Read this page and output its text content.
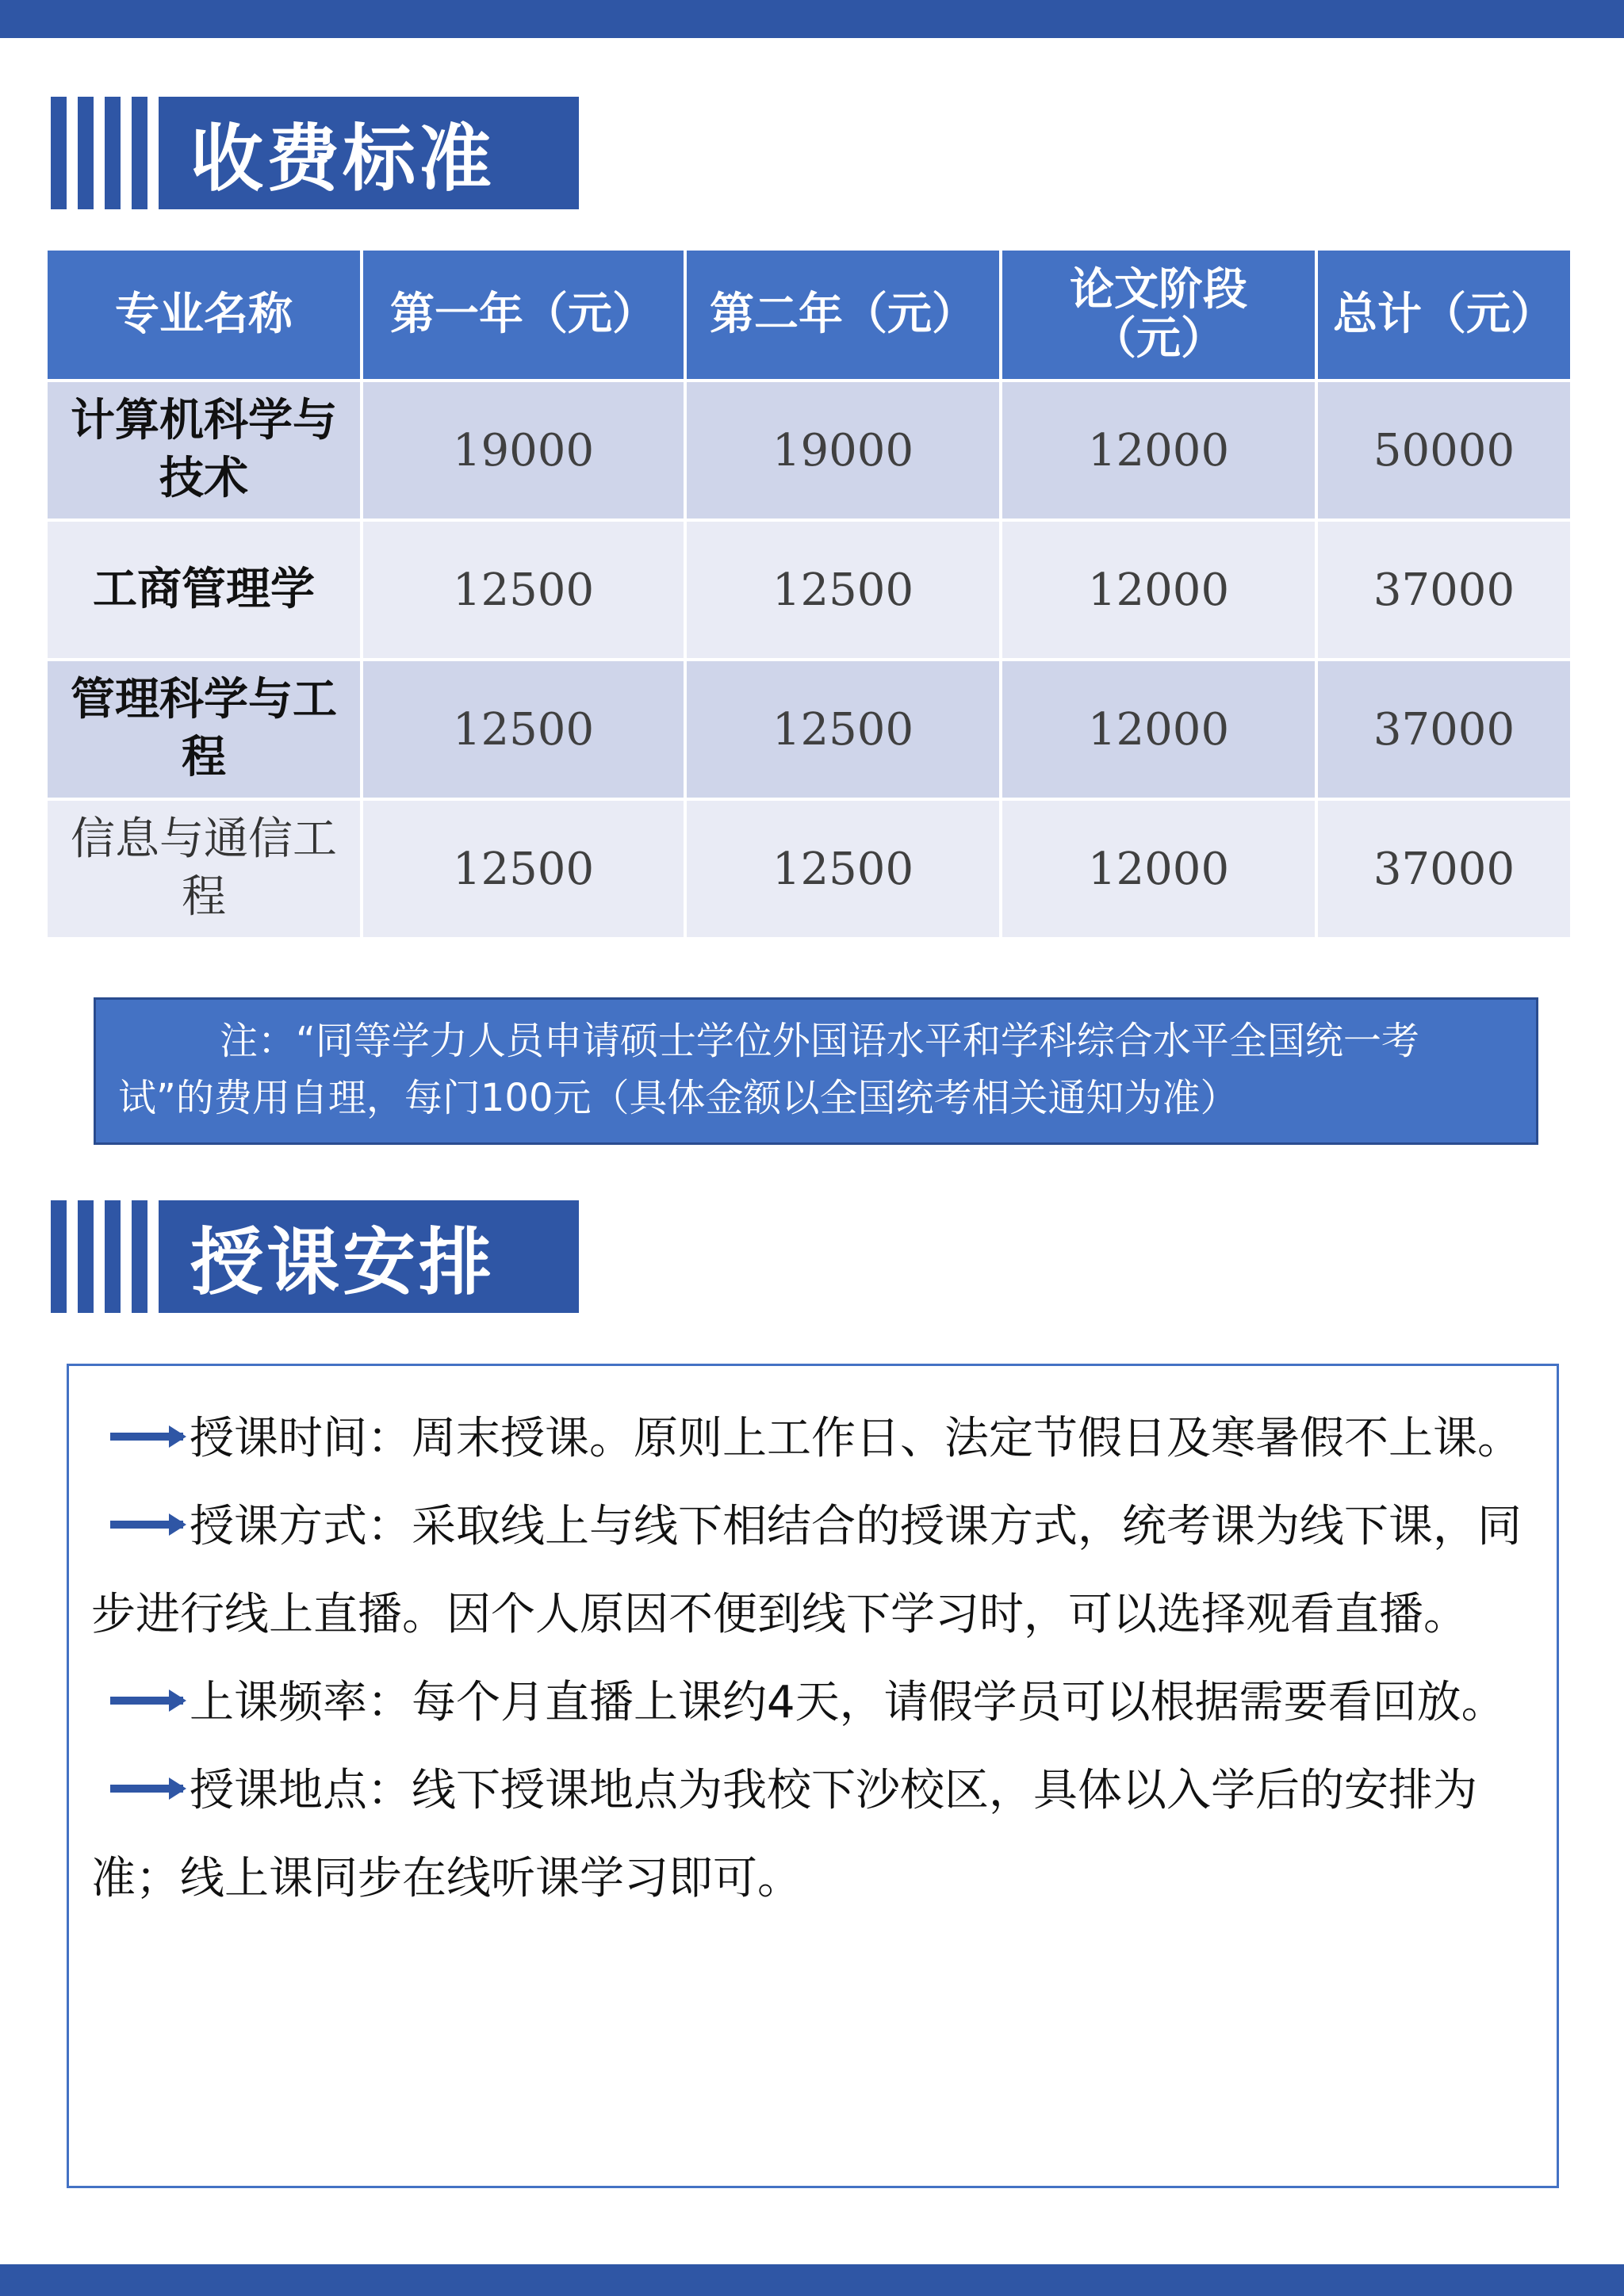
收费标准
专业名称	第一年（元）	第二年（元）	论文阶段（元）	总计（元）
计算机科学与技术	19000	19000	12000	50000
工商管理学	12500	12500	12000	37000
管理科学与工程	12500	12500	12000	37000
信息与通信工程	12500	12500	12000	37000
注：“同等学力人员申请硕士学位外国语水平和学科综合水平全国统一考试”的费用自理，每门100元（具体金额以全国统考相关通知为准）
授课安排

授课时间：周末授课。原则上工作日、法定节假日及寒暑假不上课。

授课方式：采取线上与线下相结合的授课方式，统考课为线下课，同步进行线上直播。因个人原因不便到线下学习时，可以选择观看直播。

上课频率：每个月直播上课约4天，请假学员可以根据需要看回放。

授课地点：线下授课地点为我校下沙校区，具体以入学后的安排为准；线上课同步在线听课学习即可。
